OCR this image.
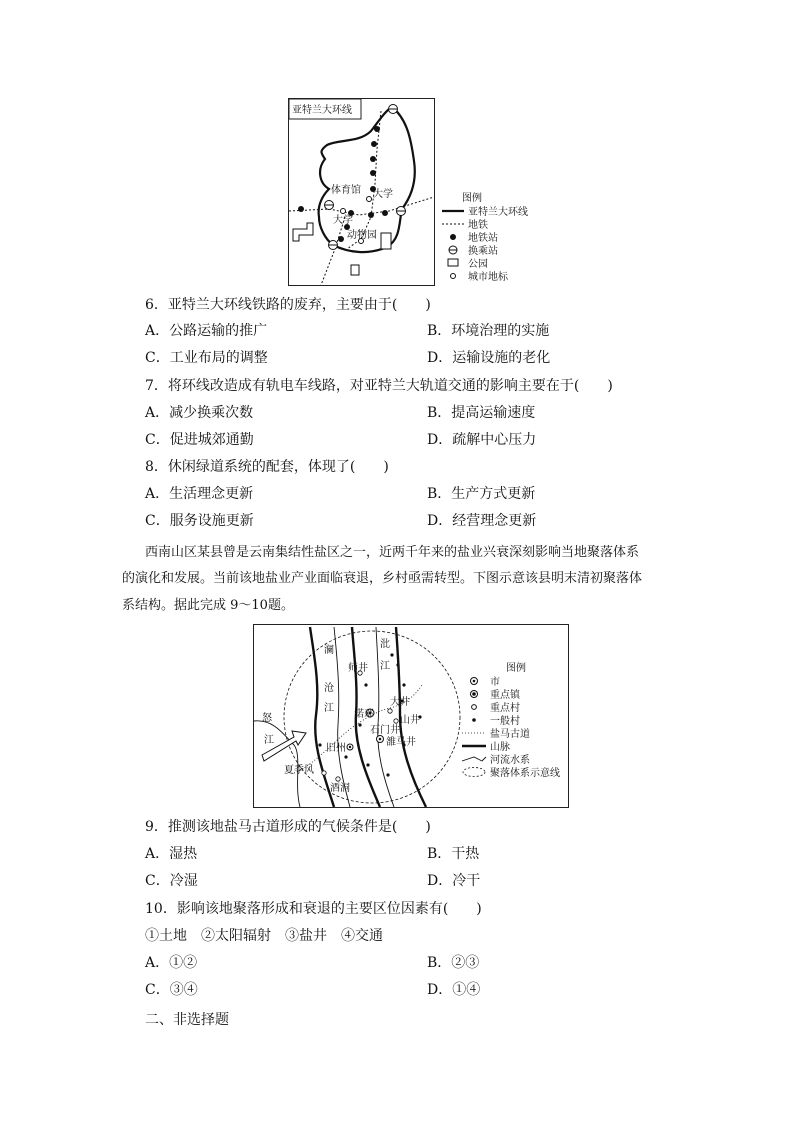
亚特兰大环线
体育馆 大学
大学
动物园
图例
亚特兰大环线
地铁
地铁站
换乘站
公园
城市地标
6．亚特兰大环线铁路的废弃，主要由于(　　)
A．公路运输的推广	B．环境治理的实施
C．工业布局的调整	D．运输设施的老化
7．将环线改造成有轨电车线路，对亚特兰大轨道交通的影响主要在于(　　)
A．减少换乘次数	B．提高运输速度
C．促进城郊通勤	D．疏解中心压力
8．休闲绿道系统的配套，体现了(　　)
A．生活理念更新	B．生产方式更新
C．服务设施更新	D．经营理念更新
西南山区某县曾是云南集结性盐区之一，近两千年来的盐业兴衰深刻影响当地聚落体系
的演化和发展。当前该地盐业产业面临衰退，乡村亟需转型。下图示意该县明末清初聚落体
系结构。据此完成 9～10题。
澜
沧
江
沘
江
怒
江
师井
诺邓
大井
山井
石门井
雒马井
旧州
夏季风
酒洞
图例
市
重点镇
重点村
一般村
盐马古道
山脉
河流水系
聚落体系示意线
9．推测该地盐马古道形成的气候条件是(　　)
A．湿热	B．干热
C．冷湿	D．冷干
10．影响该地聚落形成和衰退的主要区位因素有(　　)
①土地　②太阳辐射　③盐井　④交通
A．①②	B．②③
C．③④	D．①④
二、非选择题
